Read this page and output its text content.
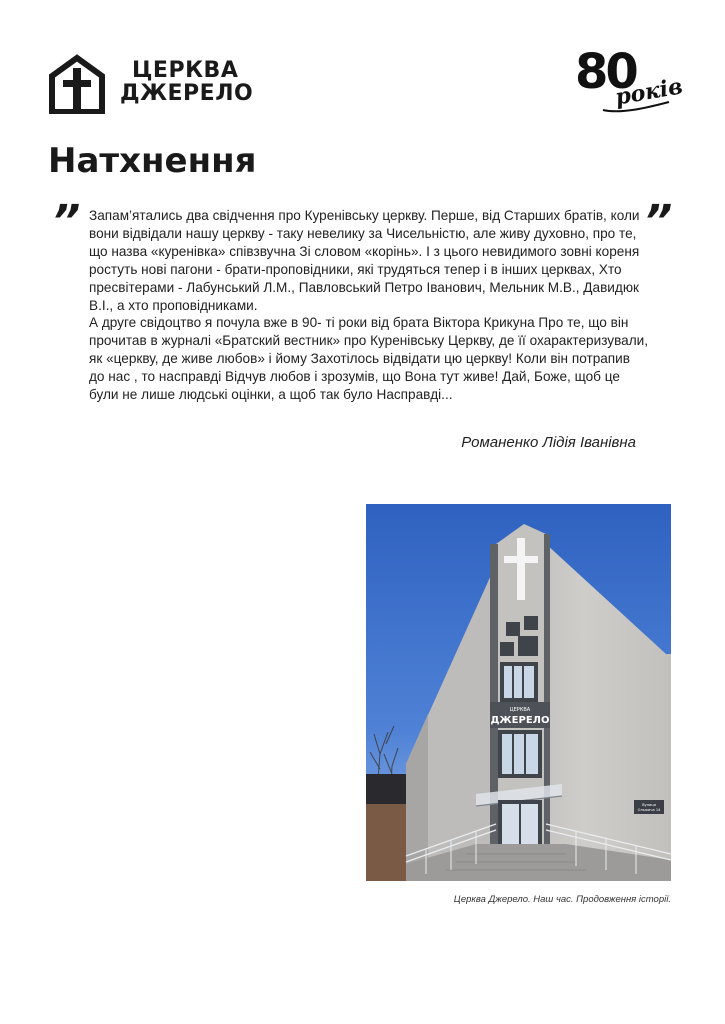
ЦЕРКВА
ДЖЕРЕЛО	80
років
Натхнення
”	”

Запам’ятались два свідчення про Куренівську церкву. Перше, від Старших братів, коли вони відвідали нашу церкву - таку невелику за Чисельністю, але живу духовно, про те, що назва «куренівка» співзвучна Зі словом «корінь». І з цього невидимого зовні кореня ростуть нові пагони - брати-проповідники, які трудяться тепер і в інших церквах, Хто пресвітерами - Лабунський Л.М., Павловський Петро Іванович, Мельник М.В., Давидюк В.І., а хто проповідниками.

А друге свідоцтво я почула вже в 90- ті роки від брата Віктора Крикуна Про те, що він прочитав в журналі «Братский вестник» про Куренівську Церкву, де її охарактеризували, як «церкву, де живе любов» і йому Захотілось відвідати цю церкву! Коли він потрапив до нас , то насправді Відчув любов і зрозумів, що Вона тут живе! Дай, Боже, щоб це були не лише людські оцінки, а щоб так було Насправді...

Романенко Лідія Іванівна
ЦЕРКВА
ДЖЕРЕЛО
Вулиця
Ольжича 14
Церква Джерело. Наш час. Продовження історії.
